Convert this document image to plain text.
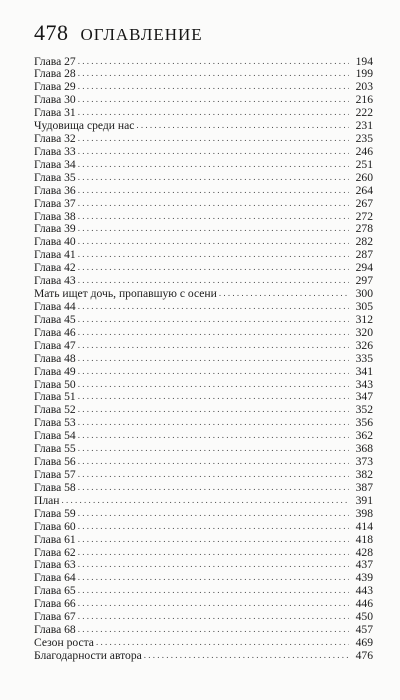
478 ОГЛАВЛЕНИЕ
Глава 27 . . .	194
Глава 28 . . .	199
Глава 29 . . .	203
Глава 30 . . .	216
Глава 31 . . .	222
Чудовища среди нас . . .	231
Глава 32 . . .	235
Глава 33 . . .	246
Глава 34 . . .	251
Глава 35 . . .	260
Глава 36 . . .	264
Глава 37 . . .	267
Глава 38 . . .	272
Глава 39 . . .	278
Глава 40 . . .	282
Глава 41 . . .	287
Глава 42 . . .	294
Глава 43 . . .	297
Мать ищет дочь, пропавшую с осени . . .	300
Глава 44 . . .	305
Глава 45 . . .	312
Глава 46 . . .	320
Глава 47 . . .	326
Глава 48 . . .	335
Глава 49 . . .	341
Глава 50 . . .	343
Глава 51 . . .	347
Глава 52 . . .	352
Глава 53 . . .	356
Глава 54 . . .	362
Глава 55 . . .	368
Глава 56 . . .	373
Глава 57 . . .	382
Глава 58 . . .	387
План . . .	391
Глава 59 . . .	398
Глава 60 . . .	414
Глава 61 . . .	418
Глава 62 . . .	428
Глава 63 . . .	437
Глава 64 . . .	439
Глава 65 . . .	443
Глава 66 . . .	446
Глава 67 . . .	450
Глава 68 . . .	457
Сезон роста . . .	469
Благодарности автора . . .	476
